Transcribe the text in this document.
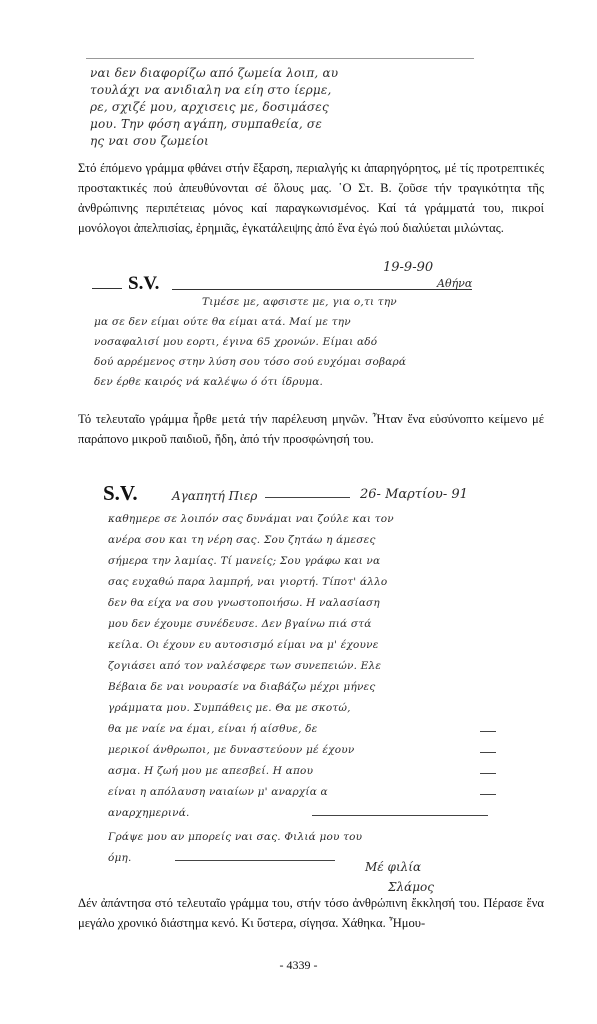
ναι δεν διαφορίζω από ζωμεία λοιπ, αυ

τουλάχι να ανιδιαλη να είη στο ίερμε,

ρε, σχιζέ μου, αρχισεις με, δοσιμάσες

μου. Την φόση αγάπη, συμπαθεία, σε

ης ναι σου ζωμείοι

Στό έπόμενο γράμμα φθάνει στήν ἔξαρση, περιαλγής κι ἀπαρηγόρητος, μέ τίς προτρεπτικές προστακτικές πού ἀπευθύνονται σέ ὅλους μας. ῾Ο Στ. Β. ζοῦσε τήν τραγικότητα τῆς ἀνθρώπινης περιπέτειας μόνος καί παραγκωνισμένος. Καί τά γράμματά του, πικροί μονόλογοι ἀπελπισίας, ἐρημιᾶς, ἐγκατάλειψης ἀπό ἕνα ἐγώ πού διαλύεται μιλώντας.

S.V.

19-9-90

Αθήνα

Τιμέσε με, αφσιστε με, για ο,τι την

μα σε δεν είμαι ούτε θα είμαι ατά. Μαί με την

νοσαφαλισί μου εορτι, έγινα 65 χρονών. Είμαι αδό

δού αρρέμενος στην λύση σου τόσο σού ευχόμαι σοβαρά

δεν έρθε καιρός νά καλέψω ό ότι ίδρυμα.

Τό τελευταῖο γράμμα ἦρθε μετά τήν παρέλευση μηνῶν. Ἦταν ἕνα εὐσύνοπτο κείμενο μέ παράπονο μικροῦ παιδιοῦ, ἤδη, ἀπό τήν προσφώνησή του.

S.V.	Αγαπητή Πιερ	26- Μαρτίου- 91

καθημερε σε λοιπόν σας δυνάμαι ναι ζούλε και τον

ανέρα σου και τη νέρη σας. Σου ζητάω η άμεσες

σήμερα την λαμίας. Τί μανείς; Σου γράφω και να

σας ευχαθώ παρα λαμπρή, ναι γιορτή. Τίποτ' άλλο

δεν θα είχα να σου γνωστοποιήσω. Η ναλασίαση

μου δεν έχουμε συνέδευσε. Δεν βγαίνω πιά στά

κείλα. Οι έχουν ευ αυτοσισμό είμαι να μ' έχουνε

ζογιάσει από τον ναλέσφερε των συνεπειών. Ελε

Βέβαια δε ναι νουρασίε να διαβάζω μέχρι μήνες

γράμματα μου. Συμπάθεις με. Θα με σκοτώ,

θα με ναίε να έμαι, είναι ή αίσθυε, δε

μερικοί άνθρωποι, με δυναστεύουν μέ έχουν

ασμα. Η ζωή μου με απεσβεί. Η απου

είναι η απόλαυση ναιαίων μ' αναρχία α

αναρχημερινά.

Γράψε μου αν μπορείς ναι σας. Φιλιά μου του

όμη.

Μέ φιλία

Σλάμος

Δέν ἀπάντησα στό τελευταῖο γράμμα του, στήν τόσο ἀνθρώπινη ἔκκλησή του. Πέρασε ἕνα μεγάλο χρονικό διάστημα κενό. Κι ὕστερα, σίγησα. Χάθηκα. Ἦμου-

- 4339 -
